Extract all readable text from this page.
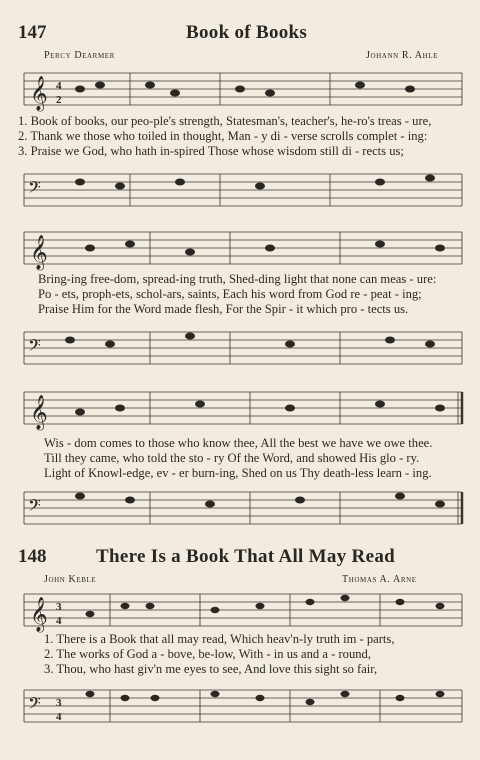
147	Book of Books
Percy Dearmer	Johann R. Ahle
𝄞 4
2
1. Book of books, our peo-ple's strength, Statesman's, teacher's, he-ro's treas - ure,
2. Thank we those who toiled in thought, Man - y di - verse scrolls complet - ing:
3. Praise we God, who hath in-spired Those whose wisdom still di - rects us;
𝄢
𝄞
Bring-ing free-dom, spread-ing truth, Shed-ding light that none can meas - ure:
Po - ets, proph-ets, schol-ars, saints, Each his word from God re - peat - ing;
Praise Him for the Word made flesh, For the Spir - it which pro - tects us.
𝄢
𝄞
Wis - dom comes to those who know thee, All the best we have we owe thee.
Till they came, who told the sto - ry Of the Word, and showed His glo - ry.
Light of Knowl-edge, ev - er burn-ing, Shed on us Thy death-less learn - ing.
𝄢
148	There Is a Book That All May Read
John Keble	Thomas A. Arne
𝄞 3
4
1. There is a Book that all may read, Which heav'n-ly truth im - parts,
2. The works of God a - bove, be-low, With - in us and a - round,
3. Thou, who hast giv'n me eyes to see, And love this sight so fair,
𝄢 3
4
